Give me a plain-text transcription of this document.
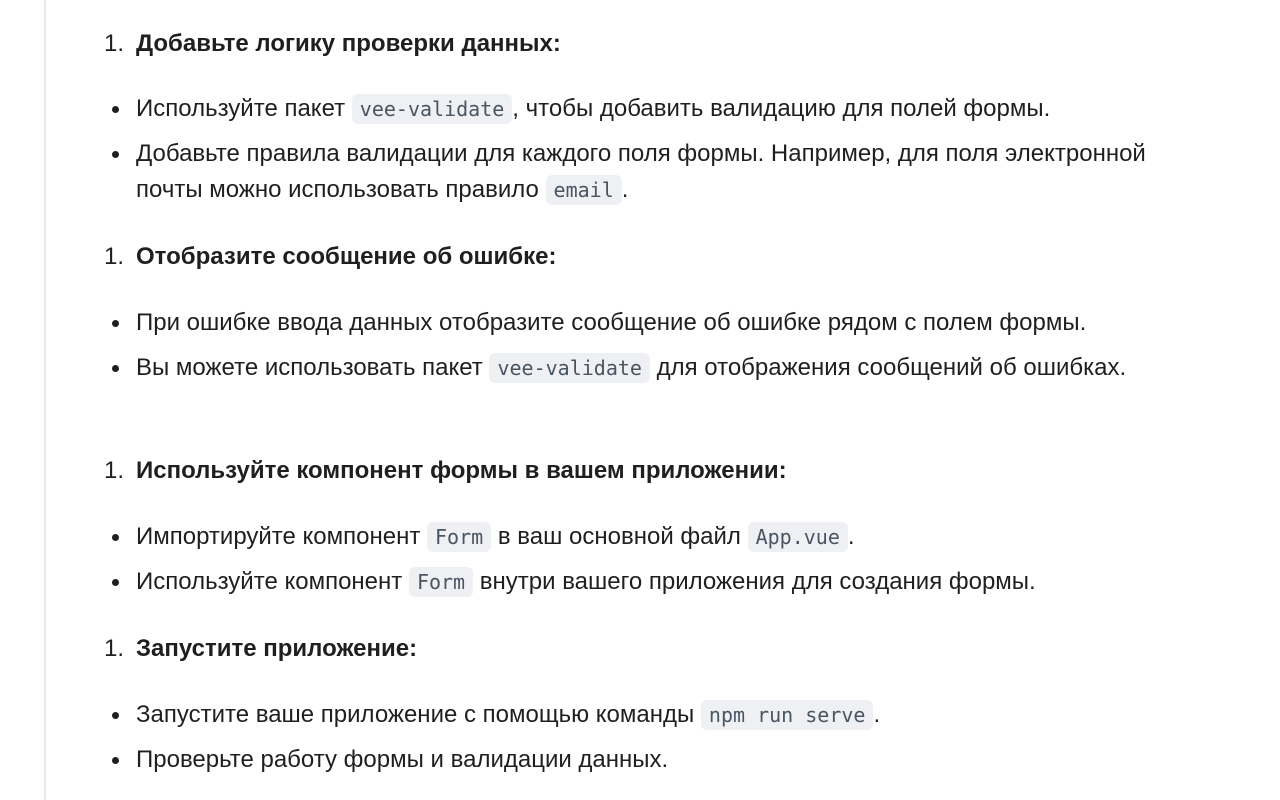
1. Добавьте логику проверки данных:
Используйте пакет vee-validate , чтобы добавить валидацию для полей формы.
Добавьте правила валидации для каждого поля формы. Например, для поля электронной почты можно использовать правило email .
1. Отобразите сообщение об ошибке:
При ошибке ввода данных отобразите сообщение об ошибке рядом с полем формы.
Вы можете использовать пакет vee-validate для отображения сообщений об ошибках.
1. Используйте компонент формы в вашем приложении:
Импортируйте компонент Form в ваш основной файл App.vue .
Используйте компонент Form внутри вашего приложения для создания формы.
1. Запустите приложение:
Запустите ваше приложение с помощью команды npm run serve .
Проверьте работу формы и валидации данных.
